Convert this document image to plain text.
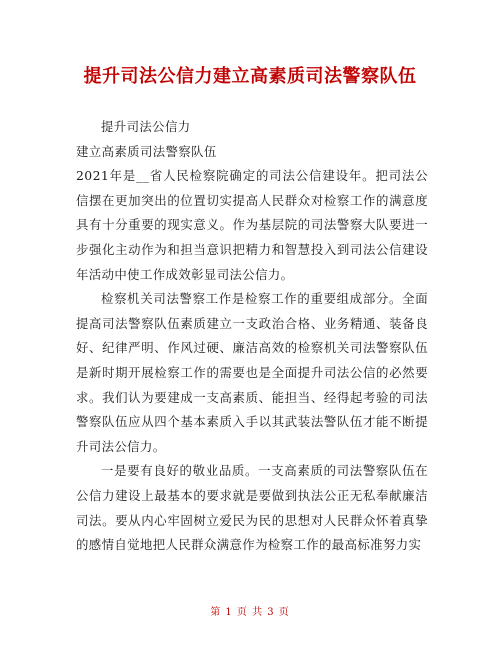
提升司法公信力建立高素质司法警察队伍

提升司法公信力

建立高素质司法警察队伍

2021年是__省人民检察院确定的司法公信建设年。把司法公信摆在更加突出的位置切实提高人民群众对检察工作的满意度具有十分重要的现实意义。作为基层院的司法警察大队要进一步强化主动作为和担当意识把精力和智慧投入到司法公信建设年活动中使工作成效彰显司法公信力。

检察机关司法警察工作是检察工作的重要组成部分。全面提高司法警察队伍素质建立一支政治合格、业务精通、装备良好、纪律严明、作风过硬、廉洁高效的检察机关司法警察队伍是新时期开展检察工作的需要也是全面提升司法公信的必然要求。我们认为要建成一支高素质、能担当、经得起考验的司法警察队伍应从四个基本素质入手以其武装法警队伍才能不断提升司法公信力。

一是要有良好的敬业品质。一支高素质的司法警察队伍在公信力建设上最基本的要求就是要做到执法公正无私奉献廉洁司法。要从内心牢固树立爱民为民的思想对人民群众怀着真挚的感情自觉地把人民群众满意作为检察工作的最高标准努力实

第 1 页 共 3 页
